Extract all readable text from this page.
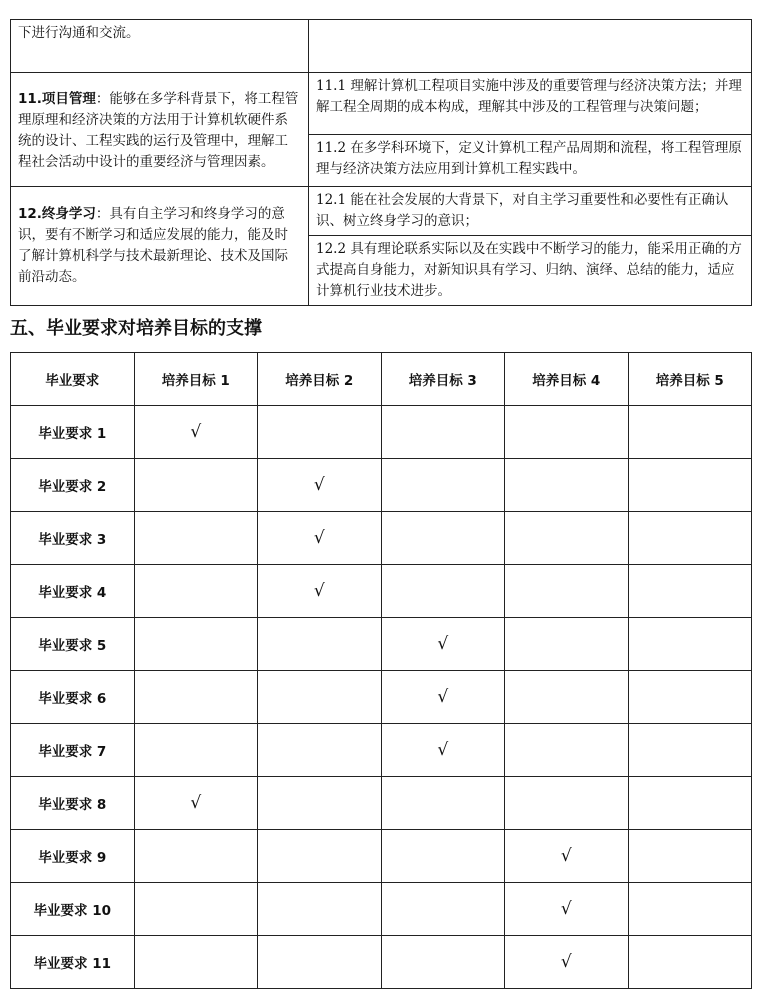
下进行沟通和交流。	
11.项目管理：能够在多学科背景下，将工程管理原理和经济决策的方法用于计算机软硬件系统的设计、工程实践的运行及管理中，理解工程社会活动中设计的重要经济与管理因素。	11.1 理解计算机工程项目实施中涉及的重要管理与经济决策方法；并理解工程全周期的成本构成，理解其中涉及的工程管理与决策问题；
	11.2 在多学科环境下，定义计算机工程产品周期和流程，将工程管理原理与经济决策方法应用到计算机工程实践中。
12.终身学习：具有自主学习和终身学习的意识，要有不断学习和适应发展的能力，能及时了解计算机科学与技术最新理论、技术及国际前沿动态。	12.1 能在社会发展的大背景下，对自主学习重要性和必要性有正确认识、树立终身学习的意识；
	12.2 具有理论联系实际以及在实践中不断学习的能力，能采用正确的方式提高自身能力，对新知识具有学习、归纳、演绎、总结的能力，适应计算机行业技术进步。
五、毕业要求对培养目标的支撑
毕业要求	培养目标 1	培养目标 2	培养目标 3	培养目标 4	培养目标 5
毕业要求 1	√				
毕业要求 2		√			
毕业要求 3		√			
毕业要求 4		√			
毕业要求 5			√		
毕业要求 6			√		
毕业要求 7			√		
毕业要求 8	√				
毕业要求 9				√	
毕业要求 10				√	
毕业要求 11				√	
